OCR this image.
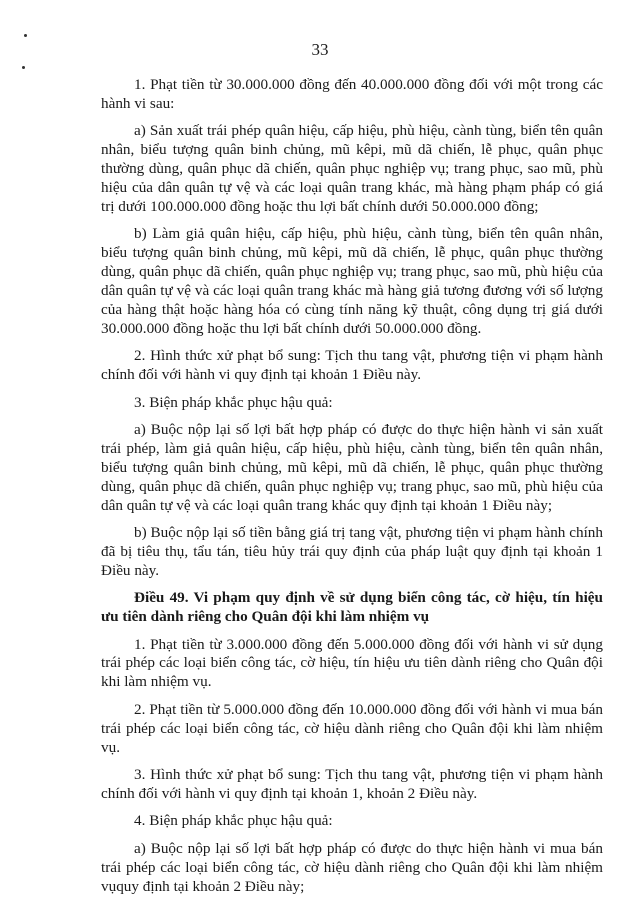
33

1. Phạt tiền từ 30.000.000 đồng đến 40.000.000 đồng đối với một trong các hành vi sau:

a) Sản xuất trái phép quân hiệu, cấp hiệu, phù hiệu, cành tùng, biển tên quân nhân, biểu tượng quân binh chủng, mũ kêpi, mũ dã chiến, lễ phục, quân phục thường dùng, quân phục dã chiến, quân phục nghiệp vụ; trang phục, sao mũ, phù hiệu của dân quân tự vệ và các loại quân trang khác, mà hàng phạm pháp có giá trị dưới 100.000.000 đồng hoặc thu lợi bất chính dưới 50.000.000 đồng;

b) Làm giả quân hiệu, cấp hiệu, phù hiệu, cành tùng, biển tên quân nhân, biểu tượng quân binh chủng, mũ kêpi, mũ dã chiến, lễ phục, quân phục thường dùng, quân phục dã chiến, quân phục nghiệp vụ; trang phục, sao mũ, phù hiệu của dân quân tự vệ và các loại quân trang khác mà hàng giả tương đương với số lượng của hàng thật hoặc hàng hóa có cùng tính năng kỹ thuật, công dụng trị giá dưới 30.000.000 đồng hoặc thu lợi bất chính dưới 50.000.000 đồng.

2. Hình thức xử phạt bổ sung: Tịch thu tang vật, phương tiện vi phạm hành chính đối với hành vi quy định tại khoản 1 Điều này.

3. Biện pháp khắc phục hậu quả:

a) Buộc nộp lại số lợi bất hợp pháp có được do thực hiện hành vi sản xuất trái phép, làm giả quân hiệu, cấp hiệu, phù hiệu, cành tùng, biển tên quân nhân, biểu tượng quân binh chủng, mũ kêpi, mũ dã chiến, lễ phục, quân phục thường dùng, quân phục dã chiến, quân phục nghiệp vụ; trang phục, sao mũ, phù hiệu của dân quân tự vệ và các loại quân trang khác quy định tại khoản 1 Điều này;

b) Buộc nộp lại số tiền bằng giá trị tang vật, phương tiện vi phạm hành chính đã bị tiêu thụ, tẩu tán, tiêu hủy trái quy định của pháp luật quy định tại khoản 1 Điều này.

Điều 49. Vi phạm quy định về sử dụng biển công tác, cờ hiệu, tín hiệu ưu tiên dành riêng cho Quân đội khi làm nhiệm vụ

1. Phạt tiền từ 3.000.000 đồng đến 5.000.000 đồng đối với hành vi sử dụng trái phép các loại biển công tác, cờ hiệu, tín hiệu ưu tiên dành riêng cho Quân đội khi làm nhiệm vụ.

2. Phạt tiền từ 5.000.000 đồng đến 10.000.000 đồng đối với hành vi mua bán trái phép các loại biển công tác, cờ hiệu dành riêng cho Quân đội khi làm nhiệm vụ.

3. Hình thức xử phạt bổ sung: Tịch thu tang vật, phương tiện vi phạm hành chính đối với hành vi quy định tại khoản 1, khoản 2 Điều này.

4. Biện pháp khắc phục hậu quả:

a) Buộc nộp lại số lợi bất hợp pháp có được do thực hiện hành vi mua bán trái phép các loại biển công tác, cờ hiệu dành riêng cho Quân đội khi làm nhiệm vụquy định tại khoản 2 Điều này;
